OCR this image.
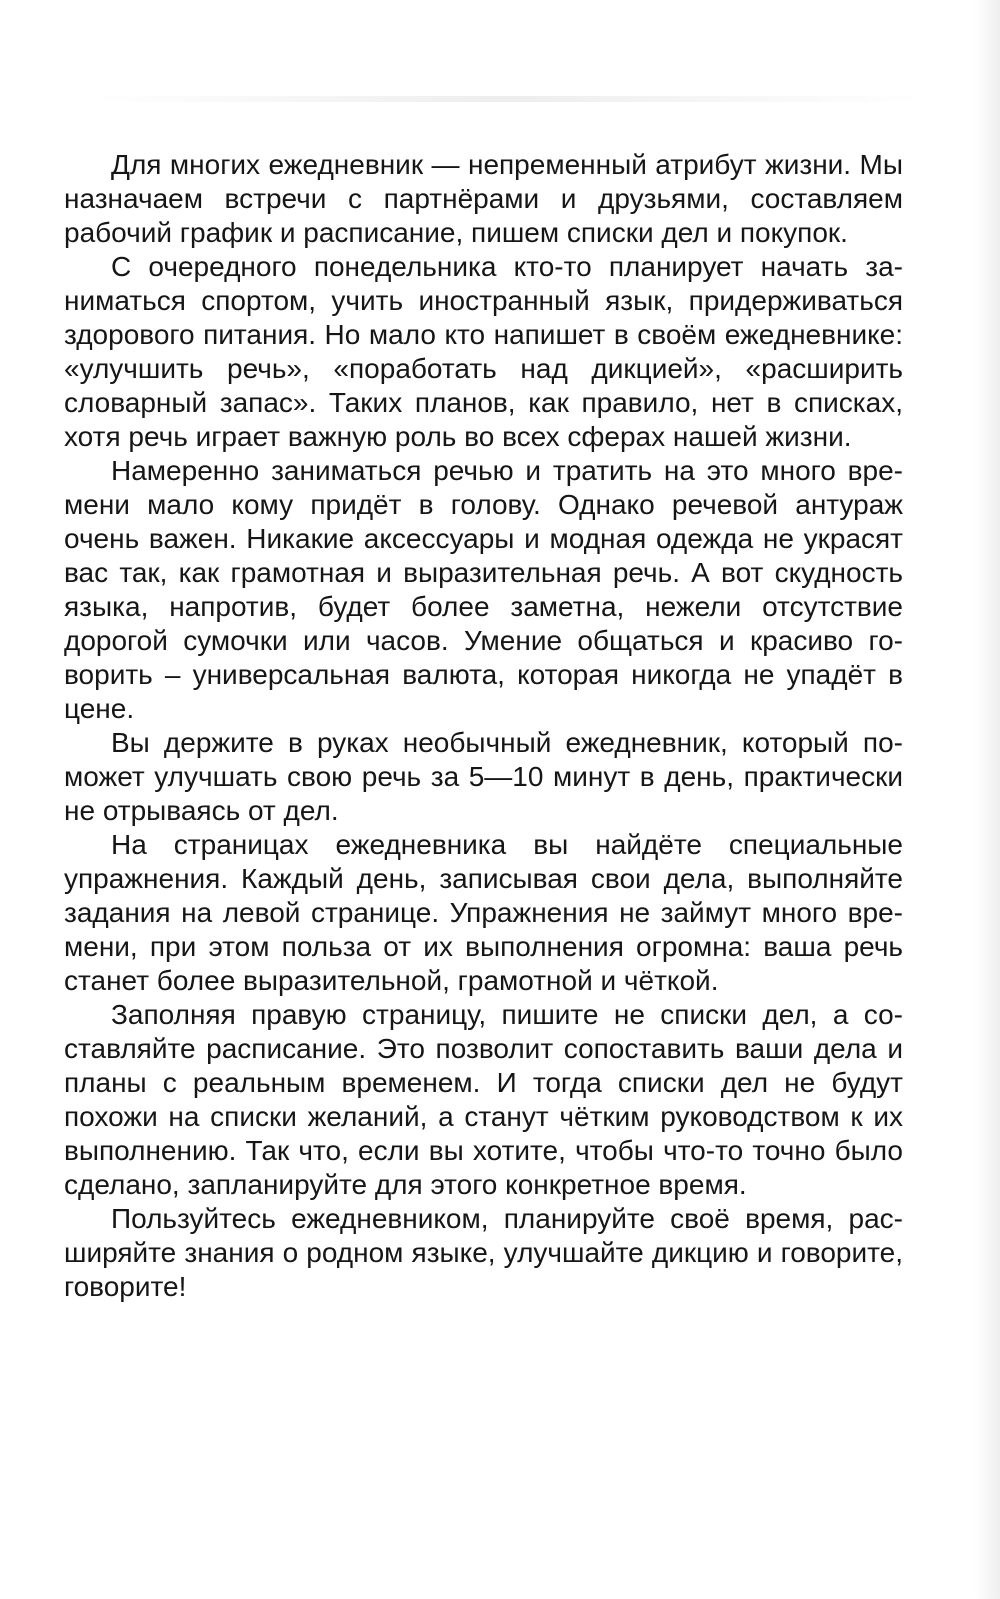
Для многих ежедневник — непременный атрибут жизни. Мы назначаем встречи с партнёрами и друзьями, составляем рабочий график и расписание, пишем списки дел и покупок.

С очередного понедельника кто-то планирует начать заниматься спортом, учить иностранный язык, придерживаться здорового питания. Но мало кто напишет в своём ежедневнике: «улучшить речь», «поработать над дикцией», «расширить словарный запас». Таких планов, как правило, нет в списках, хотя речь играет важную роль во всех сферах нашей жизни.

Намеренно заниматься речью и тратить на это много времени мало кому придёт в голову. Однако речевой антураж очень важен. Никакие аксессуары и модная одежда не украсят вас так, как грамотная и выразительная речь. А вот скудность языка, напротив, будет более заметна, нежели отсутствие дорогой сумочки или часов. Умение общаться и красиво говорить – универсальная валюта, которая никогда не упадёт в цене.

Вы держите в руках необычный ежедневник, который поможет улучшать свою речь за 5—10 минут в день, практически не отрываясь от дел.

На страницах ежедневника вы найдёте специальные упражнения. Каждый день, записывая свои дела, выполняйте задания на левой странице. Упражнения не займут много времени, при этом польза от их выполнения огромна: ваша речь станет более выразительной, грамотной и чёткой.

Заполняя правую страницу, пишите не списки дел, а составляйте расписание. Это позволит сопоставить ваши дела и планы с реальным временем. И тогда списки дел не будут похожи на списки желаний, а станут чётким руководством к их выполнению. Так что, если вы хотите, чтобы что-то точно было сделано, запланируйте для этого конкретное время.

Пользуйтесь ежедневником, планируйте своё время, расширяйте знания о родном языке, улучшайте дикцию и говорите, говорите!
